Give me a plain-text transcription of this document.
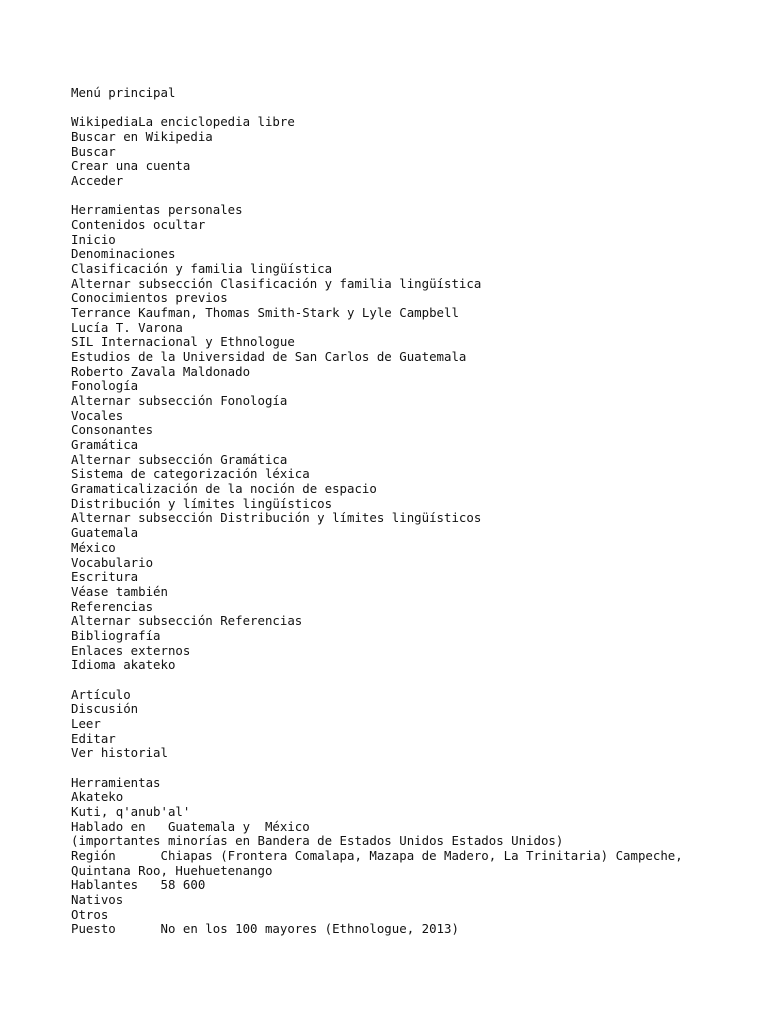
Menú principal
WikipediaLa enciclopedia libre
Buscar en Wikipedia
Buscar
Crear una cuenta
Acceder
Herramientas personales
Contenidos ocultar
Inicio
Denominaciones
Clasificación y familia lingüística
Alternar subsección Clasificación y familia lingüística
Conocimientos previos
Terrance Kaufman, Thomas Smith-Stark y Lyle Campbell
Lucía T. Varona
SIL Internacional y Ethnologue
Estudios de la Universidad de San Carlos de Guatemala
Roberto Zavala Maldonado
Fonología
Alternar subsección Fonología
Vocales
Consonantes
Gramática
Alternar subsección Gramática
Sistema de categorización léxica
Gramaticalización de la noción de espacio
Distribución y límites lingüísticos
Alternar subsección Distribución y límites lingüísticos
Guatemala
México
Vocabulario
Escritura
Véase también
Referencias
Alternar subsección Referencias
Bibliografía
Enlaces externos
Idioma akateko
Artículo
Discusión
Leer
Editar
Ver historial
Herramientas
Akateko
Kuti, q'anub'al'
Hablado en   Guatemala y  México
(importantes minorías en Bandera de Estados Unidos Estados Unidos)
Región      Chiapas (Frontera Comalapa, Mazapa de Madero, La Trinitaria) Campeche,
Quintana Roo, Huehuetenango
Hablantes   58 600
Nativos
Otros
Puesto      No en los 100 mayores (Ethnologue, 2013)
